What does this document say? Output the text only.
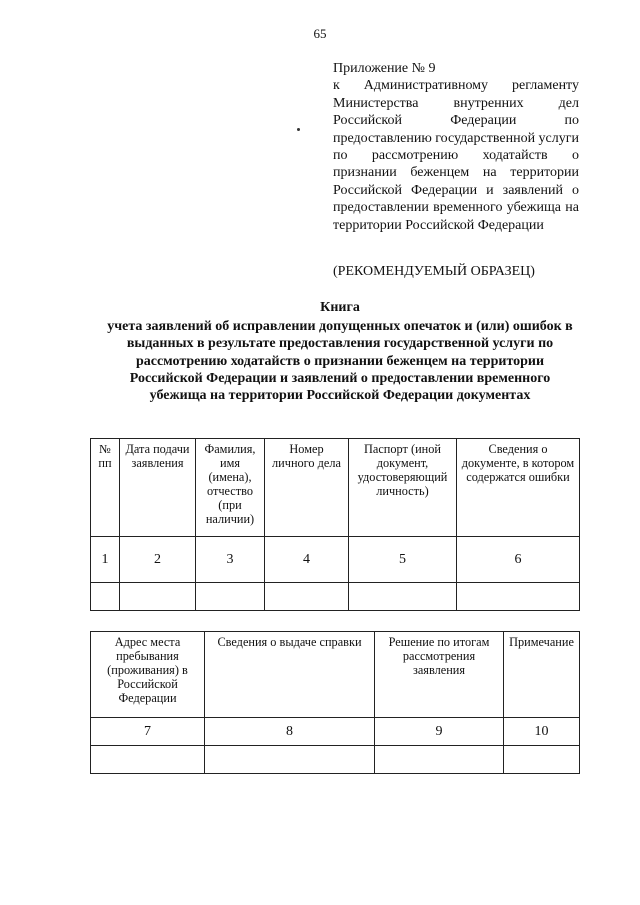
65

Приложение № 9

к Административному регламенту Министерства внутренних дел Российской Федерации по предоставлению государственной услуги по рассмотрению ходатайств о признании беженцем на территории Российской Федерации и заявлений о предоставлении временного убежища на территории Российской Федерации

(РЕКОМЕНДУЕМЫЙ ОБРАЗЕЦ)

Книга

учета заявлений об исправлении допущенных опечаток и (или) ошибок в выданных в результате предоставления государственной услуги по рассмотрению ходатайств о признании беженцем на территории Российской Федерации и заявлений о предоставлении временного убежища на территории Российской Федерации документах

№ пп	Дата подачи заявления	Фамилия, имя (имена), отчество (при наличии)	Номер личного дела	Паспорт (иной документ, удостоверяющий личность)	Сведения о документе, в котором содержатся ошибки
1	2	3	4	5	6

Адрес места пребывания (проживания) в Российской Федерации	Сведения о выдаче справки	Решение по итогам рассмотрения заявления	Примечание
7	8	9	10
